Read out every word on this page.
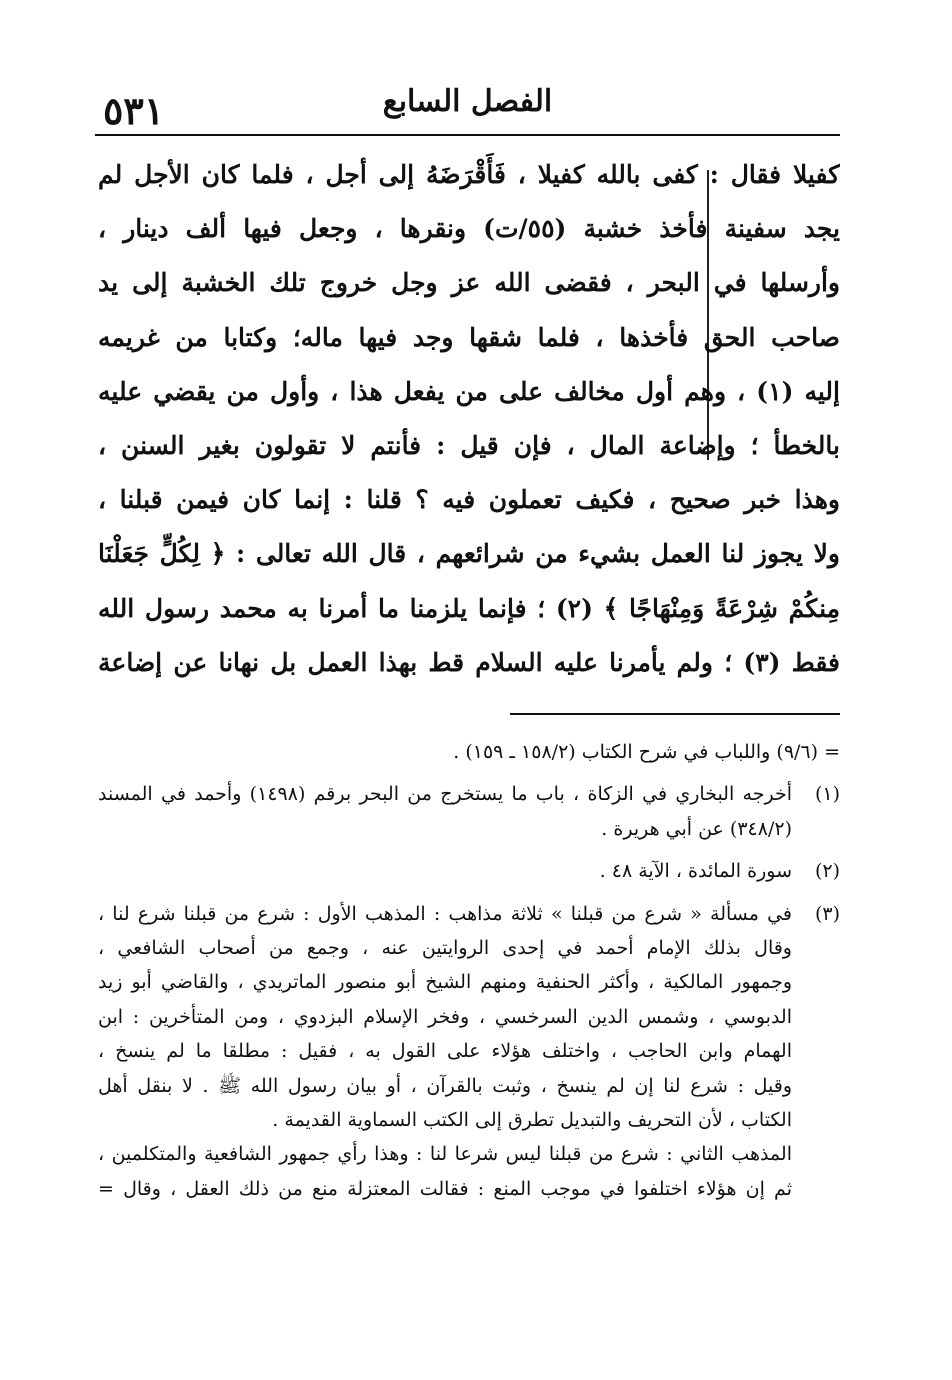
٥٣١	الفصل السابع
كفيلا فقال : كفى بالله كفيلا ، فَأَقْرَضَهُ إلى أجل ، فلما كان الأجل لم
يجد سفينة فأخذ خشبة (٥٥/ت) ونقرها ، وجعل فيها ألف دينار ،
وأرسلها في البحر ، فقضى الله عز وجل خروج تلك الخشبة إلى يد
صاحب الحق فأخذها ، فلما شقها وجد فيها ماله؛ وكتابا من غريمه
إليه (١) ، وهم أول مخالف على من يفعل هذا ، وأول من يقضي عليه
بالخطأ ؛ وإضاعة المال ، فإن قيل : فأنتم لا تقولون بغير السنن ،
وهذا خبر صحيح ، فكيف تعملون فيه ؟ قلنا : إنما كان فيمن قبلنا ،
ولا يجوز لنا العمل بشيء من شرائعهم ، قال الله تعالى : ﴿ لِكُلٍّ جَعَلْنَا
مِنكُمْ شِرْعَةً وَمِنْهَاجًا ﴾ (٢) ؛ فإنما يلزمنا ما أمرنا به محمد رسول الله
فقط (٣) ؛ ولم يأمرنا عليه السلام قط بهذا العمل بل نهانا عن إضاعة
= (٩/٦) واللباب في شرح الكتاب (١٥٨/٢ ـ ١٥٩) .
(١)أخرجه البخاري في الزكاة ، باب ما يستخرج من البحر برقم (١٤٩٨) وأحمد في المسند
(٣٤٨/٢) عن أبي هريرة .
(٢)سورة المائدة ، الآية ٤٨ .
(٣)في مسألة « شرع من قبلنا » ثلاثة مذاهب : المذهب الأول : شرع من قبلنا شرع لنا ،
وقال بذلك الإمام أحمد في إحدى الروايتين عنه ، وجمع من أصحاب الشافعي ،
وجمهور المالكية ، وأكثر الحنفية ومنهم الشيخ أبو منصور الماتريدي ، والقاضي أبو زيد
الدبوسي ، وشمس الدين السرخسي ، وفخر الإسلام البزدوي ، ومن المتأخرين : ابن
الهمام وابن الحاجب ، واختلف هؤلاء على القول به ، فقيل : مطلقا ما لم ينسخ ،
وقيل : شرع لنا إن لم ينسخ ، وثبت بالقرآن ، أو بيان رسول الله ﷺ . لا بنقل أهل
الكتاب ، لأن التحريف والتبديل تطرق إلى الكتب السماوية القديمة .
المذهب الثاني : شرع من قبلنا ليس شرعا لنا : وهذا رأي جمهور الشافعية والمتكلمين ،
ثم إن هؤلاء اختلفوا في موجب المنع : فقالت المعتزلة منع من ذلك العقل ، وقال =
